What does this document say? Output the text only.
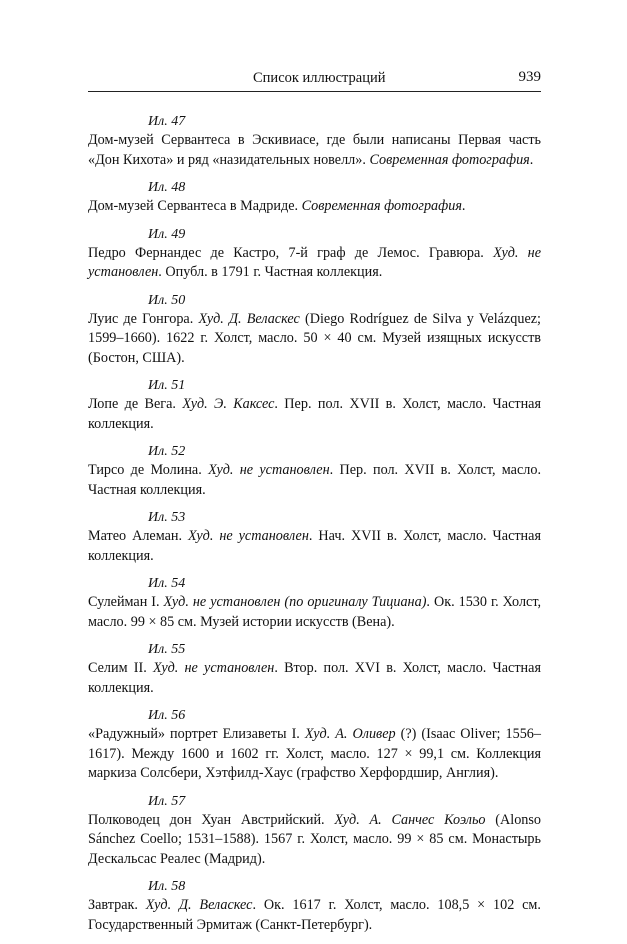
Список иллюстраций	939
Ил. 47

Дом-музей Сервантеса в Эскивиасе, где были написаны Первая часть «Дон Кихота» и ряд «назидательных новелл». Современная фотография.

Ил. 48

Дом-музей Сервантеса в Мадриде. Современная фотография.

Ил. 49

Педро Фернандес де Кастро, 7-й граф де Лемос. Гравюра. Худ. не установлен. Опубл. в 1791 г. Частная коллекция.

Ил. 50

Луис де Гонгора. Худ. Д. Веласкес (Diego Rodríguez de Silva y Velázquez; 1599–1660). 1622 г. Холст, масло. 50 × 40 см. Музей изящных искусств (Бостон, США).

Ил. 51

Лопе де Вега. Худ. Э. Каксес. Пер. пол. XVII в. Холст, масло. Частная коллекция.

Ил. 52

Тирсо де Молина. Худ. не установлен. Пер. пол. XVII в. Холст, масло. Частная коллекция.

Ил. 53

Матео Алеман. Худ. не установлен. Нач. XVII в. Холст, масло. Частная коллекция.

Ил. 54

Сулейман I. Худ. не установлен (по оригиналу Тициана). Ок. 1530 г. Холст, масло. 99 × 85 см. Музей истории искусств (Вена).

Ил. 55

Селим II. Худ. не установлен. Втор. пол. XVI в. Холст, масло. Частная коллекция.

Ил. 56

«Радужный» портрет Елизаветы I. Худ. А. Оливер (?) (Isaac Oliver; 1556–1617). Между 1600 и 1602 гг. Холст, масло. 127 × 99,1 см. Коллекция маркиза Солсбери, Хэтфилд-Хаус (графство Херфордшир, Англия).

Ил. 57

Полководец дон Хуан Австрийский. Худ. А. Санчес Коэльо (Alonso Sánchez Coello; 1531–1588). 1567 г. Холст, масло. 99 × 85 см. Монастырь Дескальсас Реалес (Мадрид).

Ил. 58

Завтрак. Худ. Д. Веласкес. Ок. 1617 г. Холст, масло. 108,5 × 102 см. Государственный Эрмитаж (Санкт-Петербург).
